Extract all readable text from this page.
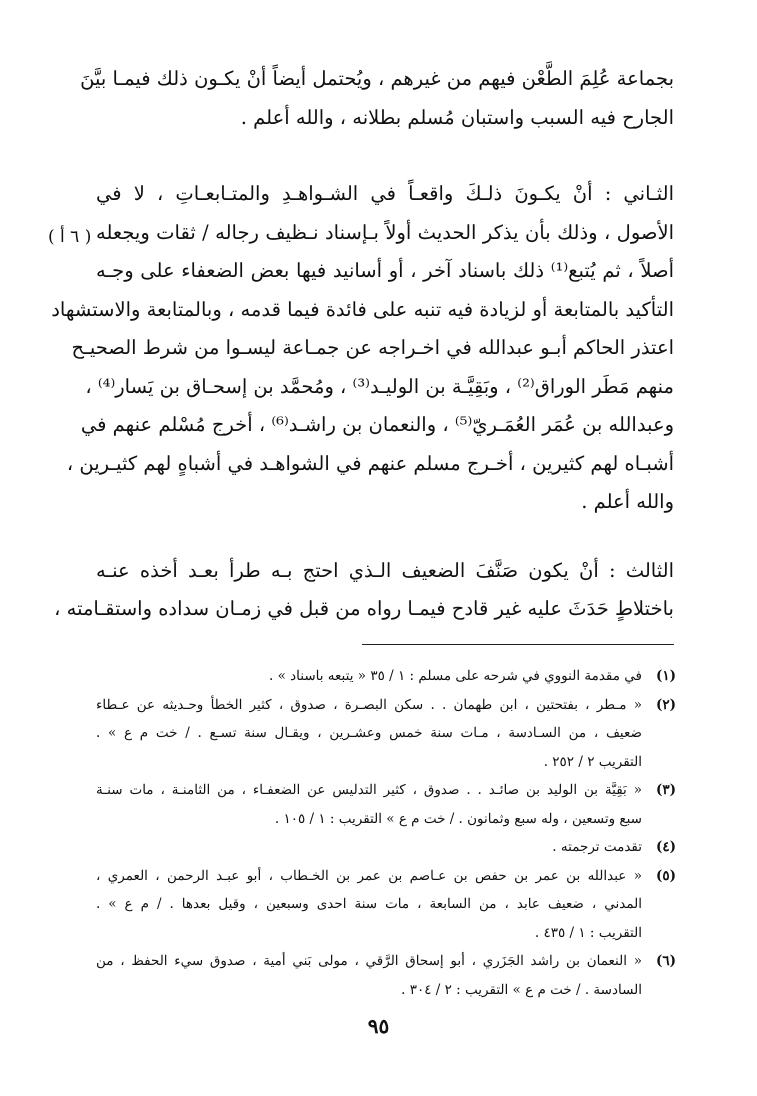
بجماعة عُلِمَ الطَّعْن فيهم من غيرهم ، ويُحتمل أيضاً أنْ يكـون ذلك فيمـا بيَّنَ
الجارح فيه السبب واستبان مُسلم بطلانه ، والله أعلم .

الثـاني : أنْ يكـونَ ذلـكَ واقعـاً في الشـواهـدِ والمتـابعـاتِ ، لا في
الأصول ، وذلك بأن يذكر الحديث أولاً بـإسناد نـظيف رجاله / ثقات ويجعله
أصلاً ، ثم يُتبع⁽¹⁾ ذلك باسناد آخر ، أو أسانيد فيها بعض الضعفاء على وجـه
التأكيد بالمتابعة أو لزيادة فيه تنبه على فائدة فيما قدمه ، وبالمتابعة والاستشهاد
اعتذر الحاكم أبـو عبدالله في اخـراجه عن جمـاعة ليسـوا من شرط الصحيـح
منهم مَطَر الوراق⁽²⁾ ، وبَقِيَّـة بن الوليـد⁽³⁾ ، ومُحمَّد بن إسحـاق بن يَسار⁽⁴⁾ ،
وعبدالله بن عُمَر العُمَـريّ⁽⁵⁾ ، والنعمان بن راشـد⁽⁶⁾ ، أخرج مُسْلم عنهم في
أشبـاه لهم كثيرين ، أخـرج مسلم عنهم في الشواهـد في أشباهٍ لهم كثيـرين ،
والله أعلم .

الثالث : أنْ يكون صَنَّفَ الضعيف الـذي احتج بـه طرأ بعـد أخذه عنـه
باختلاطٍ حَدَثَ عليه غير قادح فيمـا رواه من قبل في زمـان سداده واستقـامته ،

( ٦ أ )
(١)
في مقدمة النووي في شرحه على مسلم : ١ / ٣٥ « يتبعه باسناد » .
(٢)
« مـطر ، بفتحتين ، ابن طهمان . . سكن البصـرة ، صدوق ، كثير الخطأ وحـديثه عن عـطاء
ضعيف ، من السـادسة ، مـات سنة خمس وعشـرين ، ويقـال سنة تسـع . / خت م ع » .
التقريب ٢ / ٢٥٢ .
(٣)
« بَقِيَّة بن الوليد بن صائـد . . صدوق ، كثير التدليس عن الضعفـاء ، من الثامنـة ، مات سنـة
سبع وتسعين ، وله سبع وثمانون . / خت م ع » التقريب : ١ / ١٠٥ .
(٤)
تقدمت ترجمته .
(٥)
« عبدالله بن عمر بن حفص بن عـاصم بن عمر بن الخـطاب ، أبو عبـد الرحمن ، العمري ،
المدني ، ضعيف عابد ، من السابعة ، مات سنة احدى وسبعين ، وقيل بعدها . / م ع » .
التقريب : ١ / ٤٣٥ .
(٦)
« النعمان بن راشد الجَزَري ، أبو إسحاق الرَّقي ، مولى بَني أمية ، صدوق سيء الحفظ ، من
السادسة . / خت م ع » التقريب : ٢ / ٣٠٤ .
٩٥
